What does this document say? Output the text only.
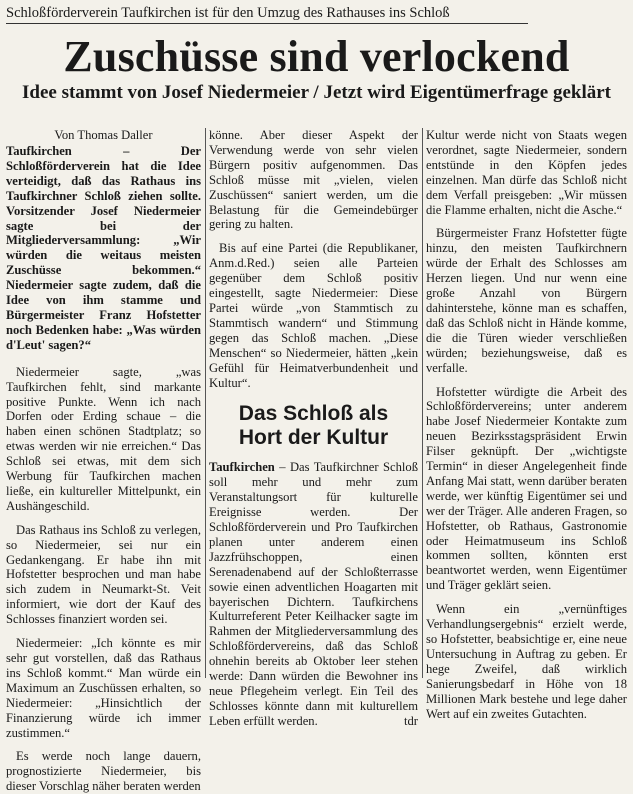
Schloßförderverein Taufkirchen ist für den Umzug des Rathauses ins Schloß
Zuschüsse sind verlockend
Idee stammt von Josef Niedermeier / Jetzt wird Eigentümerfrage geklärt
Von Thomas Daller

Taufkirchen – Der Schloßförderverein hat die Idee verteidigt, daß das Rathaus ins Taufkirchner Schloß ziehen sollte. Vorsitzender Josef Niedermeier sagte bei der Mitgliederversammlung: „Wir würden die weitaus meisten Zuschüsse bekommen.“ Niedermeier sagte zudem, daß die Idee von ihm stamme und Bürgermeister Franz Hofstetter noch Bedenken habe: „Was würden d'Leut' sagen?“

Niedermeier sagte, „was Taufkirchen fehlt, sind markante positive Punkte. Wenn ich nach Dorfen oder Erding schaue – die haben einen schönen Stadtplatz; so etwas werden wir nie erreichen.“ Das Schloß sei etwas, mit dem sich Werbung für Taufkirchen machen ließe, ein kultureller Mittelpunkt, ein Aushängeschild.

Das Rathaus ins Schloß zu verlegen, so Niedermeier, sei nur ein Gedankengang. Er habe ihn mit Hofstetter besprochen und man habe sich zudem in Neumarkt-St. Veit informiert, wie dort der Kauf des Schlosses finanziert worden sei.

Niedermeier: „Ich könnte es mir sehr gut vorstellen, daß das Rathaus ins Schloß kommt.“ Man würde ein Maximum an Zuschüssen erhalten, so Niedermeier: „Hinsichtlich der Finanzierung würde ich immer zustimmen.“

Es werde noch lange dauern, prognostizierte Niedermeier, bis dieser Vorschlag näher beraten werden

könne. Aber dieser Aspekt der Verwendung werde von sehr vielen Bürgern positiv aufgenommen. Das Schloß müsse mit „vielen, vielen Zuschüssen“ saniert werden, um die Belastung für die Gemeindebürger gering zu halten.

Bis auf eine Partei (die Republikaner, Anm.d.Red.) seien alle Parteien gegenüber dem Schloß positiv eingestellt, sagte Niedermeier: Diese Partei würde „von Stammtisch zu Stammtisch wandern“ und Stimmung gegen das Schloß machen. „Diese Menschen“ so Niedermeier, hätten „kein Gefühl für Heimatverbundenheit und Kultur“.

Das Schloß als
Hort der Kultur

Taufkirchen – Das Taufkirchner Schloß soll mehr und mehr zum Veranstaltungsort für kulturelle Ereignisse werden. Der Schloßförderverein und Pro Taufkirchen planen unter anderem einen Jazzfrühschoppen, einen Serenadenabend auf der Schloßterrasse sowie einen adventlichen Hoagarten mit bayerischen Dichtern. Taufkirchens Kulturreferent Peter Keilhacker sagte im Rahmen der Mitgliederversammlung des Schloßfördervereins, daß das Schloß ohnehin bereits ab Oktober leer stehen werde: Dann würden die Bewohner ins neue Pflegeheim verlegt. Ein Teil des Schlosses könnte dann mit kulturellem Leben erfüllt werden.	tdr

Kultur werde nicht von Staats wegen verordnet, sagte Niedermeier, sondern entstünde in den Köpfen jedes einzelnen. Man dürfe das Schloß nicht dem Verfall preisgeben: „Wir müssen die Flamme erhalten, nicht die Asche.“

Bürgermeister Franz Hofstetter fügte hinzu, den meisten Taufkirchnern würde der Erhalt des Schlosses am Herzen liegen. Und nur wenn eine große Anzahl von Bürgern dahinterstehe, könne man es schaffen, daß das Schloß nicht in Hände komme, die die Türen wieder verschließen würden; beziehungsweise, daß es verfalle.

Hofstetter würdigte die Arbeit des Schloßfördervereins; unter anderem habe Josef Niedermeier Kontakte zum neuen Bezirksstagspräsident Erwin Filser geknüpft. Der „wichtigste Termin“ in dieser Angelegenheit finde Anfang Mai statt, wenn darüber beraten werde, wer künftig Eigentümer sei und wer der Träger. Alle anderen Fragen, so Hofstetter, ob Rathaus, Gastronomie oder Heimatmuseum ins Schloß kommen sollten, könnten erst beantwortet werden, wenn Eigentümer und Träger geklärt seien.

Wenn ein „vernünftiges Verhandlungsergebnis“ erzielt werde, so Hofstetter, beabsichtige er, eine neue Untersuchung in Auftrag zu geben. Er hege Zweifel, daß wirklich Sanierungsbedarf in Höhe von 18 Millionen Mark bestehe und lege daher Wert auf ein zweites Gutachten.
